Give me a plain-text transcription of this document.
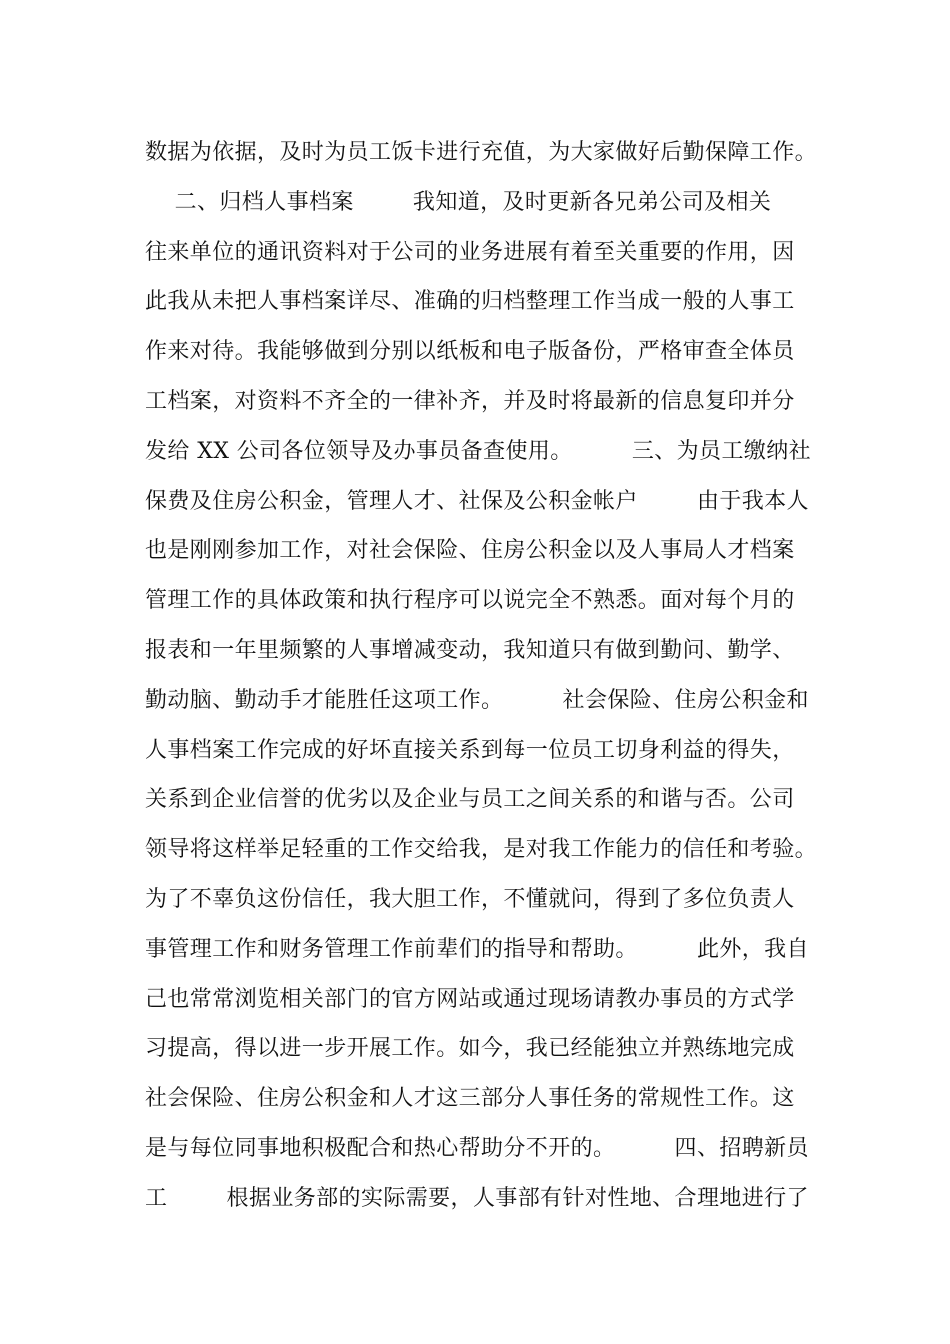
数据为依据，及时为员工饭卡进行充值，为大家做好后勤保障工作。
二、归档人事档案        我知道，及时更新各兄弟公司及相关
往来单位的通讯资料对于公司的业务进展有着至关重要的作用，因
此我从未把人事档案详尽、准确的归档整理工作当成一般的人事工
作来对待。我能够做到分别以纸板和电子版备份，严格审查全体员
工档案，对资料不齐全的一律补齐，并及时将最新的信息复印并分
发给 XX 公司各位领导及办事员备查使用。        三、为员工缴纳社
保费及住房公积金，管理人才、社保及公积金帐户        由于我本人
也是刚刚参加工作，对社会保险、住房公积金以及人事局人才档案
管理工作的具体政策和执行程序可以说完全不熟悉。面对每个月的
报表和一年里频繁的人事增减变动，我知道只有做到勤问、勤学、
勤动脑、勤动手才能胜任这项工作。        社会保险、住房公积金和
人事档案工作完成的好坏直接关系到每一位员工切身利益的得失，
关系到企业信誉的优劣以及企业与员工之间关系的和谐与否。公司
领导将这样举足轻重的工作交给我，是对我工作能力的信任和考验。
为了不辜负这份信任，我大胆工作，不懂就问，得到了多位负责人
事管理工作和财务管理工作前辈们的指导和帮助。        此外，我自
己也常常浏览相关部门的官方网站或通过现场请教办事员的方式学
习提高，得以进一步开展工作。如今，我已经能独立并熟练地完成
社会保险、住房公积金和人才这三部分人事任务的常规性工作。这
是与每位同事地积极配合和热心帮助分不开的。        四、招聘新员
工        根据业务部的实际需要，人事部有针对性地、合理地进行了
